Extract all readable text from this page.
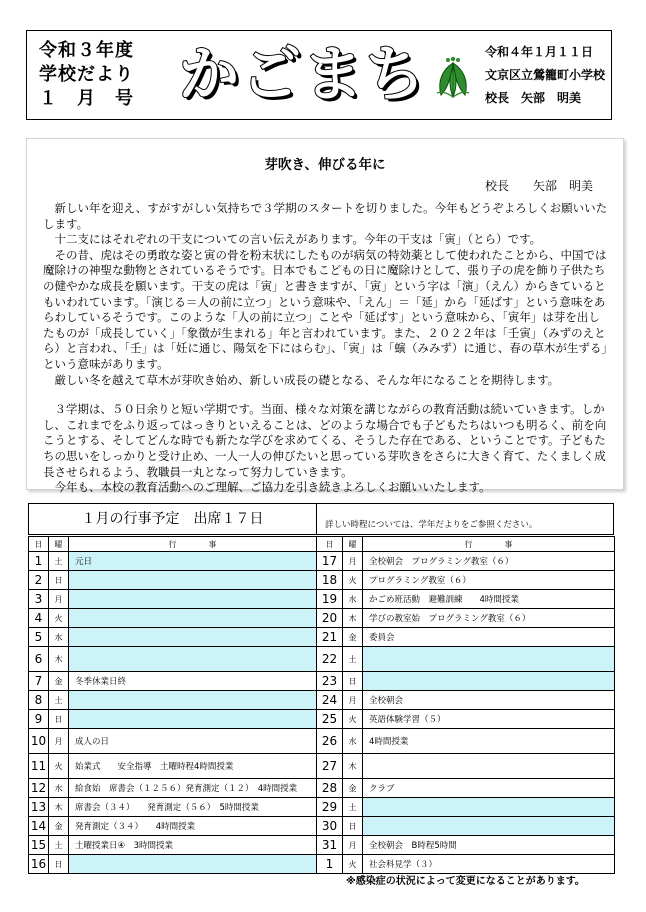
令和３年度
学校だより
１　月　号 かごまち	令和４年１月１１日
文京区立鶯籠町小学校
校長　矢部　明美
芽吹き、伸びる年に
校長　　矢部　明美

新しい年を迎え、すがすがしい気持ちで３学期のスタートを切りました。今年もどうぞよろしくお願いいたします。

十二支にはそれぞれの干支についての言い伝えがあります。今年の干支は「寅」（とら）です。

その昔、虎はその勇敢な姿と寅の骨を粉末状にしたものが病気の特効薬として使われたことから、中国では魔除けの神聖な動物とされているそうです。日本でもこどもの日に魔除けとして、張り子の虎を飾り子供たちの健やかな成長を願います。干支の虎は「寅」と書きますが、「寅」という字は「演」（えん）からきているともいわれています。「演じる＝人の前に立つ」という意味や、「えん」＝「延」から「延ばす」という意味をあらわしているそうです。このような「人の前に立つ」ことや「延ばす」という意味から、「寅年」は芽を出したものが「成長していく」「象徴が生まれる」年と言われています。また、２０２２年は「壬寅」（みずのえとら）と言われ、「壬」は「妊に通じ、陽気を下にはらむ」、「寅」は「螾（みみず）に通じ、春の草木が生ずる」という意味があります。

厳しい冬を越えて草木が芽吹き始め、新しい成長の礎となる、そんな年になることを期待します。

３学期は、５０日余りと短い学期です。当面、様々な対策を講じながらの教育活動は続いていきます。しかし、これまでをふり返ってはっきりといえることは、どのような場合でも子どもたちはいつも明るく、前を向こうとする、そしてどんな時でも新たな学びを求めてくる、そうした存在である、ということです。子どもたちの思いをしっかりと受け止め、一人一人の伸びたいと思っている芽吹きをさらに大きく育て、たくましく成長させられるよう、教職員一丸となって努力していきます。

今年も、本校の教育活動へのご理解、ご協力を引き続きよろしくお願いいたします。

１月の行事予定　出席１７日	詳しい時程については、学年だよりをご参照ください。
日	曜	行　　　　事
1	土	元日
2	日	
3	月	
4	火	
5	水	
6	木	
7	金	冬季休業日終
8	土	
9	日	
10	月	成人の日
11	火	始業式　　安全指導　土曜時程4時間授業
12	水	給食始　席書会（１２５６）発育測定（１２）　4時間授業
13	木	席書会（３４）　　発育測定（５６）　5時間授業
14	金	発育測定（３４）　　4時間授業
15	土	土曜授業日④　3時間授業
16	日	
日	曜	行　　　　事
17	月	全校朝会　プログラミング教室（６）
18	火	プログラミング教室（６）
19	水	かごめ班活動　避難訓練　　4時間授業
20	木	学びの教室始　プログラミング教室（６）
21	金	委員会
22	土	
23	日	
24	月	全校朝会
25	火	英語体験学習（５）
26	水	4時間授業
27	木	
28	金	クラブ
29	土	
30	日	
31	月	全校朝会　B時程5時間
1	火	社会科見学（３）
※感染症の状況によって変更になることがあります。
